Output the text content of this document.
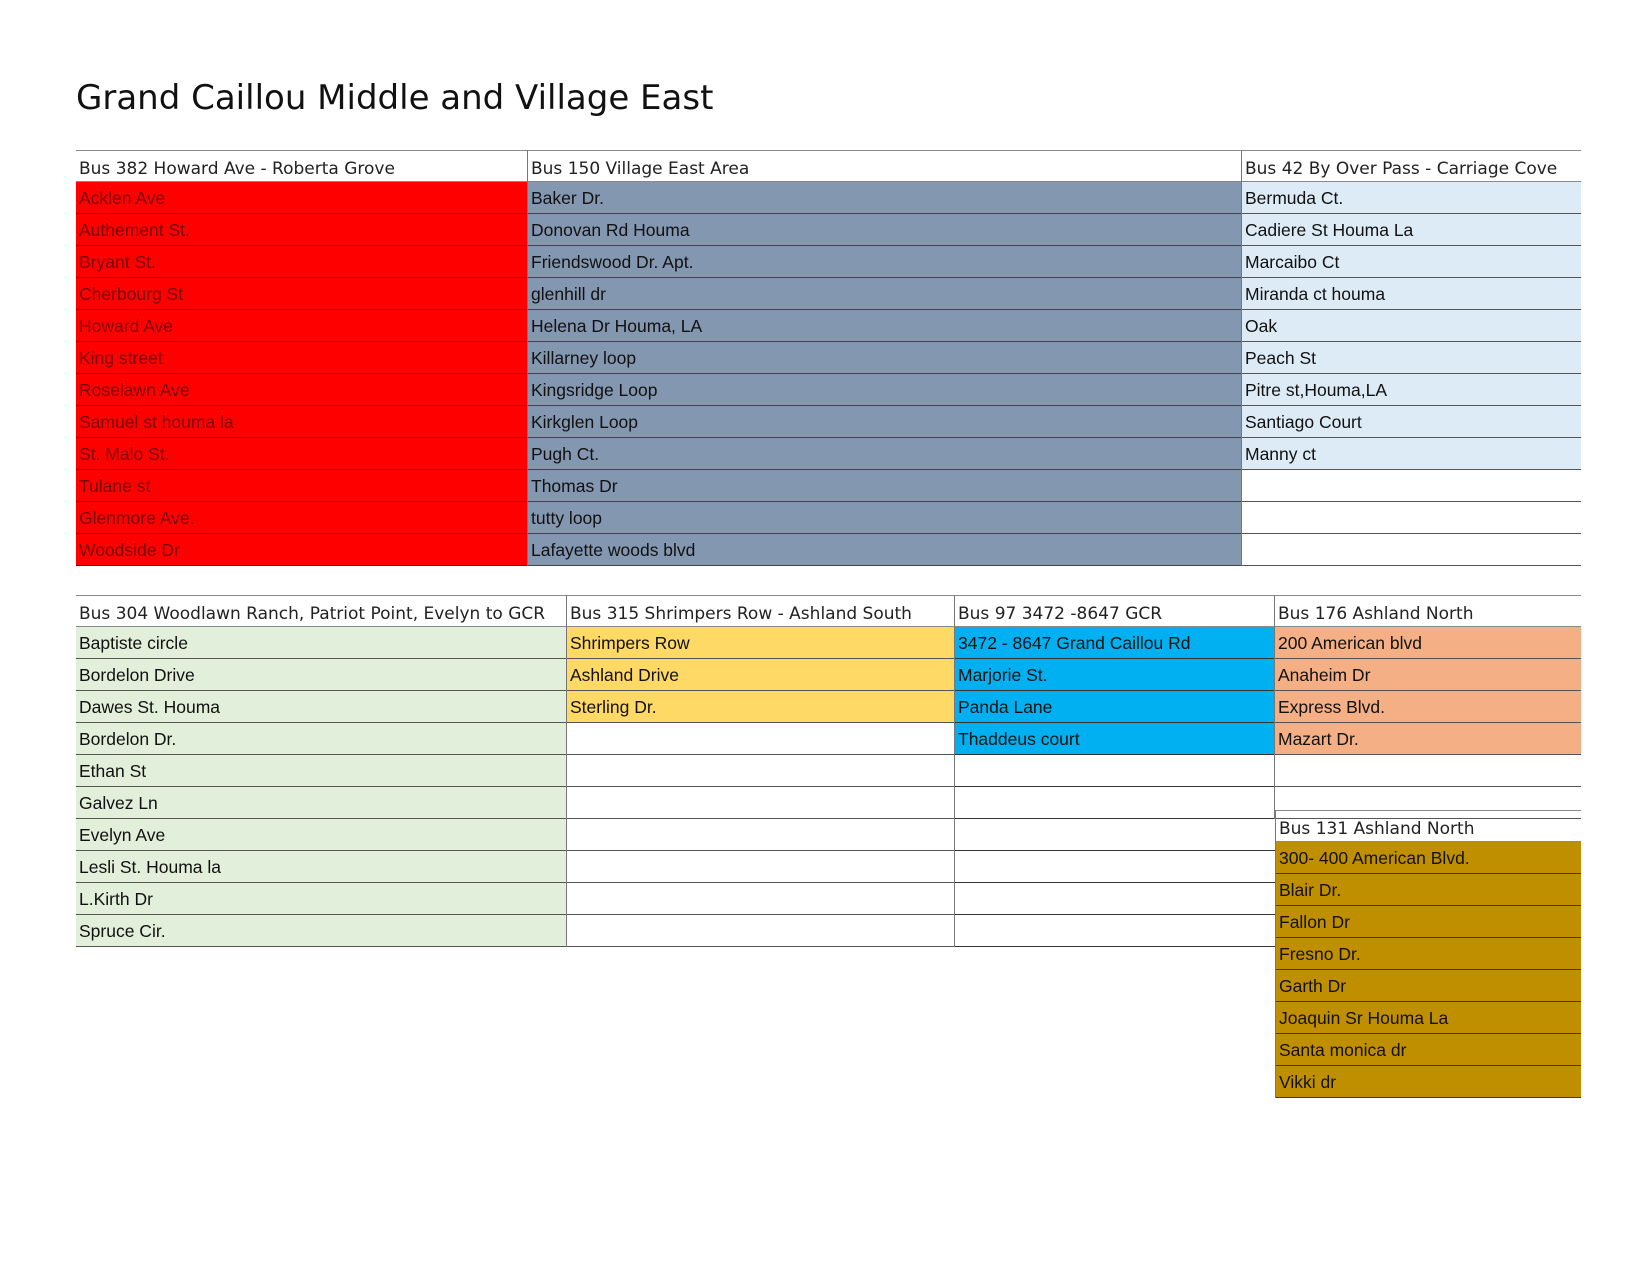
Grand Caillou Middle and Village East
Bus 382 Howard Ave - Roberta Grove
Acklen Ave
Authement St.
Bryant St.
Cherbourg St
Howard Ave
King street
Roselawn Ave
Samuel st houma la
St. Malo St.
Tulane st
Glenmore Ave.
Woodside Dr
Bus 150 Village East Area
Baker Dr.
Donovan Rd Houma
Friendswood Dr. Apt.
glenhill dr
Helena Dr Houma, LA
Killarney loop
Kingsridge Loop
Kirkglen Loop
Pugh Ct.
Thomas Dr
tutty loop
Lafayette woods blvd
Bus 42 By Over Pass - Carriage Cove
Bermuda Ct.
Cadiere St Houma La
Marcaibo Ct
Miranda ct houma
Oak
Peach St
Pitre st,Houma,LA
Santiago Court
Manny ct
Bus 304 Woodlawn Ranch, Patriot Point, Evelyn to GCR
Baptiste circle
Bordelon Drive
Dawes St. Houma
Bordelon Dr.
Ethan St
Galvez Ln
Evelyn Ave
Lesli St. Houma la
L.Kirth Dr
Spruce Cir.
Bus 315 Shrimpers Row - Ashland South
Shrimpers Row
Ashland Drive
Sterling Dr.
Bus 97 3472 -8647 GCR
3472 - 8647 Grand Caillou Rd
Marjorie St.
Panda Lane
Thaddeus court
Bus 176 Ashland North
200 American blvd
Anaheim Dr
Express Blvd.
Mazart Dr.
Bus 131 Ashland North
300- 400 American Blvd.
Blair Dr.
Fallon Dr
Fresno Dr.
Garth Dr
Joaquin Sr Houma La
Santa monica dr
Vikki dr
